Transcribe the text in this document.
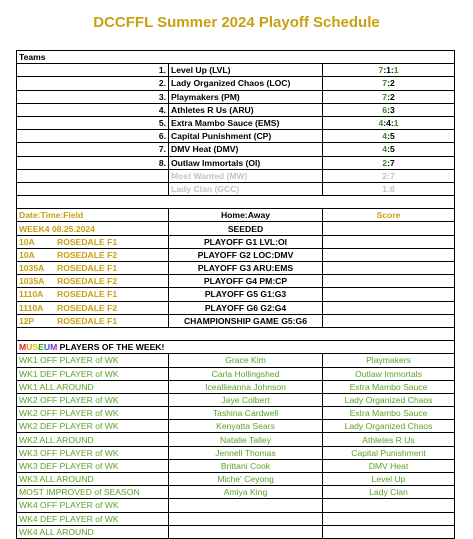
DCCFFL Summer 2024 Playoff Schedule
Teams		
1.	Level Up (LVL)	7:1:1
2.	Lady Organized Chaos (LOC)	7:2
3.	Playmakers (PM)	7:2
4.	Athletes R Us (ARU)	6:3
5.	Extra Mambo Sauce (EMS)	4:4:1
6.	Capital Punishment (CP)	4:5
7.	DMV Heat (DMV)	4:5
8.	Outlaw Immortals (OI)	2:7
	Most Wanted (MW)	2:7
	Lady Clan (GCC)	1:8

Date:Time:Field	Home:Away	Score
WEEK4 08.25.2024	SEEDED	
10A ROSEDALE F1	PLAYOFF G1 LVL:OI	
10A ROSEDALE F2	PLAYOFF G2 LOC:DMV	
1035A ROSEDALE F1	PLAYOFF G3 ARU:EMS	
1035A ROSEDALE F2	PLAYOFF G4 PM:CP	
1110A ROSEDALE F1	PLAYOFF G5 G1:G3	
1110A ROSEDALE F2	PLAYOFF G6 G2:G4	
12P ROSEDALE F1	CHAMPIONSHIP GAME G5:G6	

MUSEUM PLAYERS OF THE WEEK!		
WK1 OFF PLAYER of WK	Grace Kim	Playmakers
WK1 DEF PLAYER of WK	Carla Hollingshed	Outlaw Immortals
WK1 ALL AROUND	Iceallieanna Johnson	Extra Mambo Sauce
WK2 OFF PLAYER of WK	Jaye Colbert	Lady Organized Chaos
WK2 OFF PLAYER of WK	Tashina Cardwell	Extra Mambo Sauce
WK2 DEF PLAYER of WK	Kenyatta Sears	Lady Organized Chaos
WK2 ALL AROUND	Natalie Talley	Athletes R Us
WK3 OFF PLAYER of WK	Jennell Thomas	Capital Punishment
WK3 DEF PLAYER of WK	Brittani Cook	DMV Heat
WK3 ALL AROUND	Miche' Ceyong	Level Up
MOST IMPROVED of SEASON	Amiya King	Lady Clan
WK4 OFF PLAYER of WK		
WK4 DEF PLAYER of WK		
WK4 ALL AROUND		
